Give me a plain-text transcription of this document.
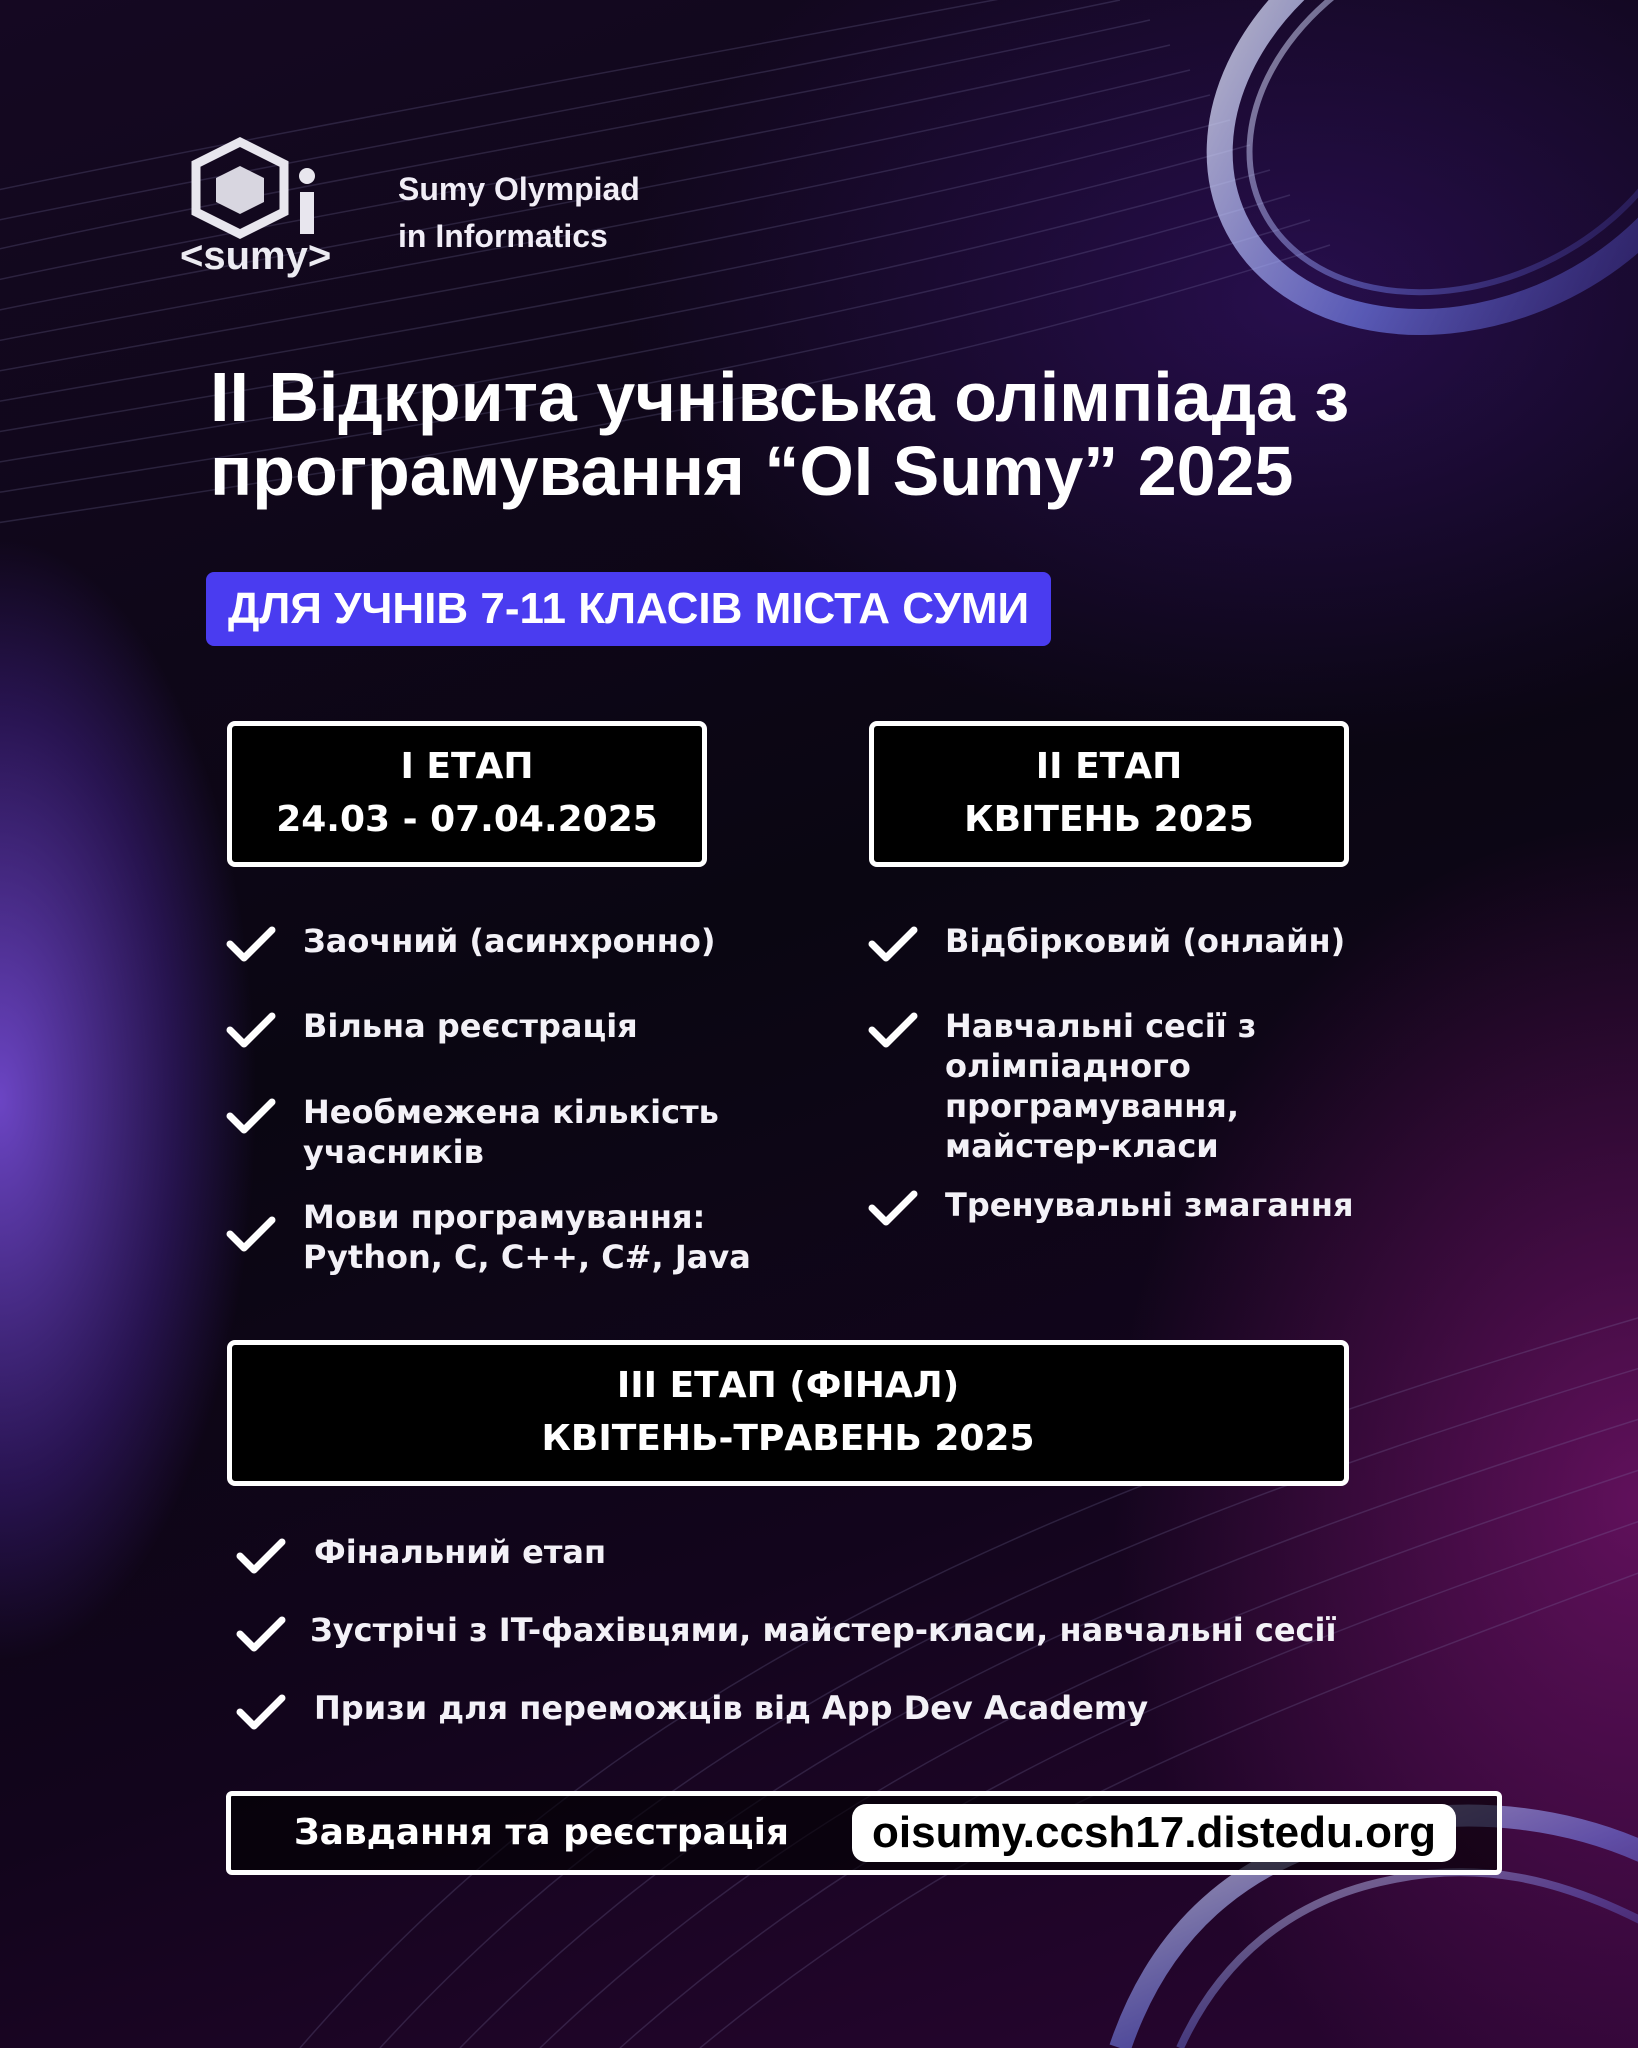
<sumy>
Sumy Olympiad
in Informatics
II Відкрита учнівська олімпіада з
програмування “OI Sumy” 2025
ДЛЯ УЧНІВ 7-11 КЛАСІВ МІСТА СУМИ
I ЕТАП
24.03 - 07.04.2025
II ЕТАП
КВІТЕНЬ 2025
Заочний (асинхронно)
Вільна реєстрація
Необмежена кількість
учасників
Мови програмування:
Python, C, C++, C#, Java
Відбірковий (онлайн)
Навчальні сесії з
олімпіадного
програмування,
майстер-класи
Тренувальні змагання
III ЕТАП (ФІНАЛ)
КВІТЕНЬ-ТРАВЕНЬ 2025
Фінальний етап
Зустрічі з IT-фахівцями, майстер-класи, навчальні сесії
Призи для переможців від App Dev Academy
Завдання та реєстрація	oisumy.ccsh17.distedu.org
